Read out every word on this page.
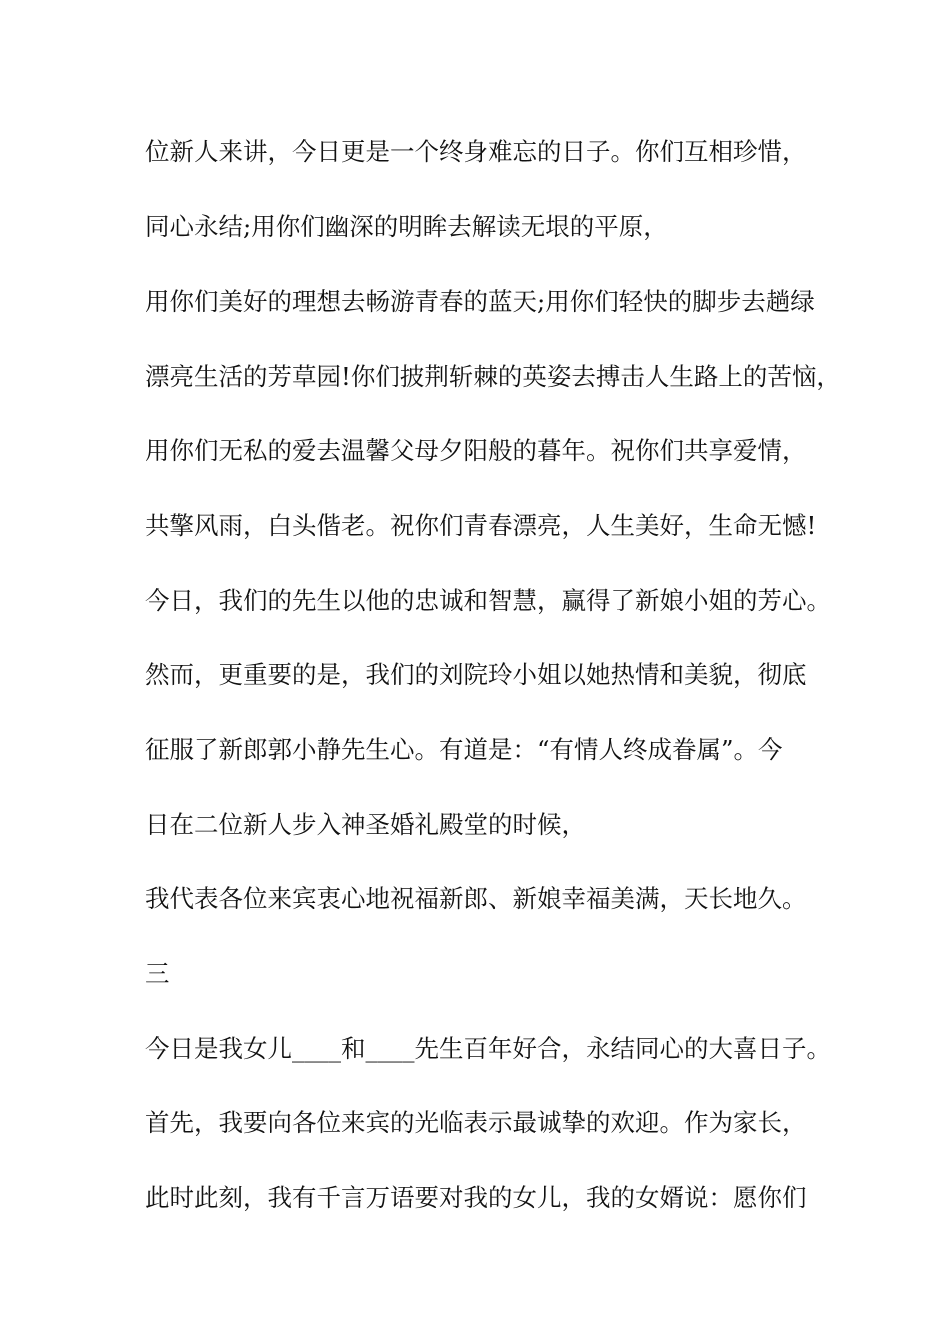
位新人来讲，今日更是一个终身难忘的日子。你们互相珍惜，

同心永结;用你们幽深的明眸去解读无垠的平原，

用你们美好的理想去畅游青春的蓝天;用你们轻快的脚步去趟绿

漂亮生活的芳草园!你们披荆斩棘的英姿去搏击人生路上的苦恼，

用你们无私的爱去温馨父母夕阳般的暮年。祝你们共享爱情，

共擎风雨，白头偕老。祝你们青春漂亮，人生美好，生命无憾!

今日，我们的先生以他的忠诚和智慧，赢得了新娘小姐的芳心。

然而，更重要的是，我们的刘院玲小姐以她热情和美貌，彻底

征服了新郎郭小静先生心。有道是：“有情人终成眷属”。今

日在二位新人步入神圣婚礼殿堂的时候，

我代表各位来宾衷心地祝福新郎、新娘幸福美满，天长地久。

三

今日是我女儿____和____先生百年好合，永结同心的大喜日子。

首先，我要向各位来宾的光临表示最诚挚的欢迎。作为家长，

此时此刻，我有千言万语要对我的女儿，我的女婿说：愿你们
